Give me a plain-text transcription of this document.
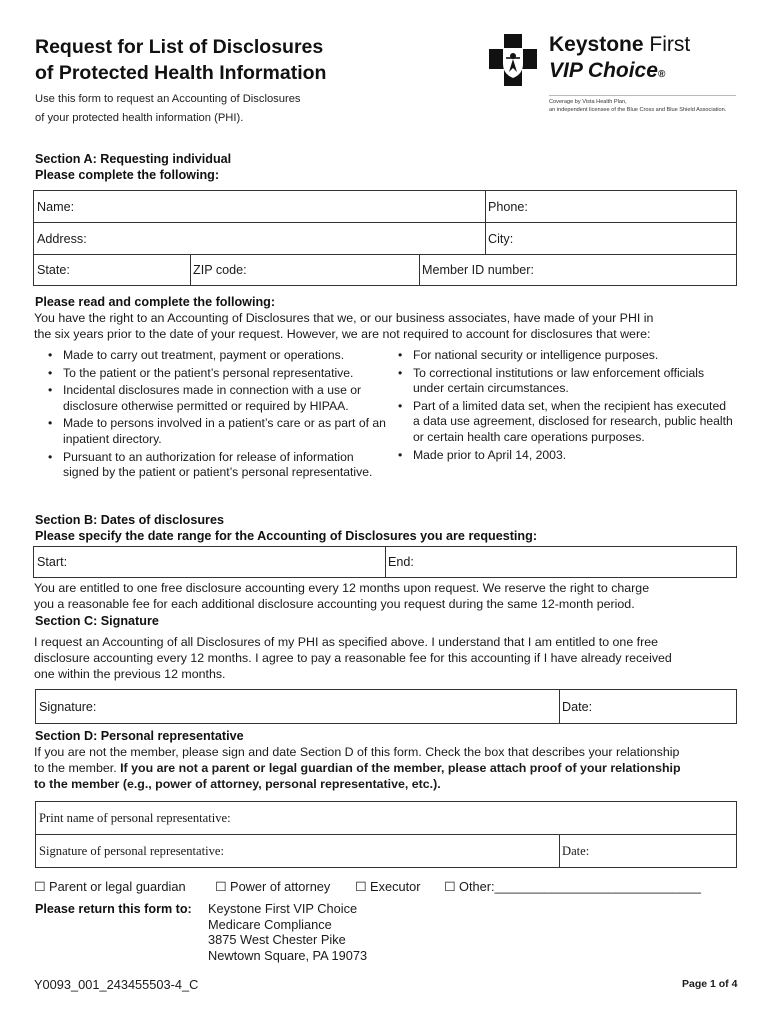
Request for List of Disclosures
of Protected Health Information
Use this form to request an Accounting of Disclosures
of your protected health information (PHI).
Keystone First
VIP Choice®
Coverage by Vista Health Plan,
an independent licensee of the Blue Cross and Blue Shield Association.
Section A: Requesting individual
Please complete the following:
Name:	Phone:
Address:	City:
State:	ZIP code:	Member ID number:
Please read and complete the following:
You have the right to an Accounting of Disclosures that we, or our business associates, have made of your PHI in
the six years prior to the date of your request. However, we are not required to account for disclosures that were:
• Made to carry out treatment, payment or operations.
• To the patient or the patient’s personal representative.
• Incidental disclosures made in connection with a use or disclosure otherwise permitted or required by HIPAA.
• Made to persons involved in a patient’s care or as part of an inpatient directory.
• Pursuant to an authorization for release of information signed by the patient or patient’s personal representative.
• For national security or intelligence purposes.
• To correctional institutions or law enforcement officials under certain circumstances.
• Part of a limited data set, when the recipient has executed a data use agreement, disclosed for research, public health or certain health care operations purposes.
• Made prior to April 14, 2003.
Section B: Dates of disclosures
Please specify the date range for the Accounting of Disclosures you are requesting:
Start:	End:
You are entitled to one free disclosure accounting every 12 months upon request. We reserve the right to charge
you a reasonable fee for each additional disclosure accounting you request during the same 12-month period.
Section C: Signature
I request an Accounting of all Disclosures of my PHI as specified above. I understand that I am entitled to one free
disclosure accounting every 12 months. I agree to pay a reasonable fee for this accounting if I have already received
one within the previous 12 months.
Signature:	Date:
Section D: Personal representative
If you are not the member, please sign and date Section D of this form. Check the box that describes your relationship
to the member. If you are not a parent or legal guardian of the member, please attach proof of your relationship
to the member (e.g., power of attorney, personal representative, etc.).
Print name of personal representative:
Signature of personal representative:	Date:
☐ Parent or legal guardian ☐ Power of attorney ☐ Executor ☐ Other:_____________________________
Please return this form to: Keystone First VIP Choice
Medicare Compliance
3875 West Chester Pike
Newtown Square, PA 19073
Y0093_001_243455503-4_C	Page 1 of 4
